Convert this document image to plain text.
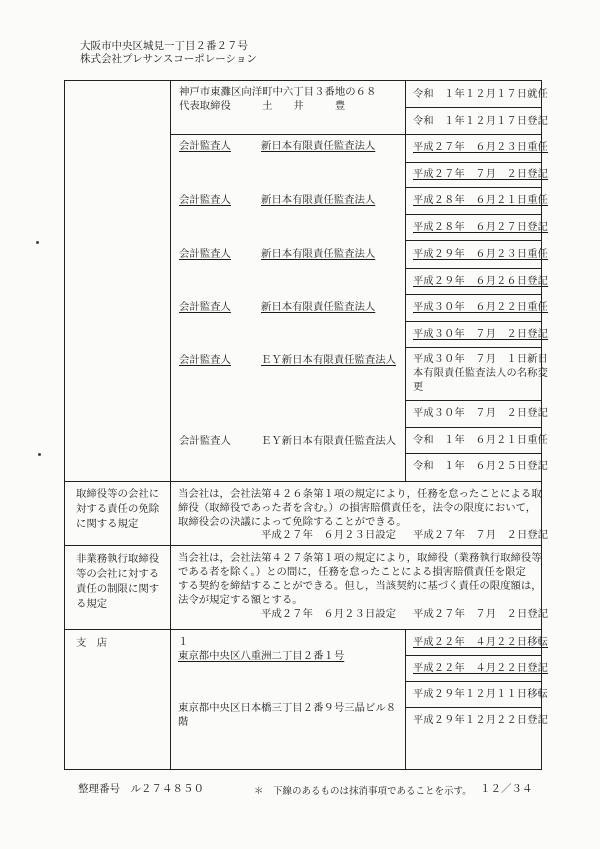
大阪市中央区城見一丁目２番２７号
株式会社プレサンスコーポレーション
神戸市東灘区向洋町中六丁目３番地の６８
代表取締役　　　土　　井　　　豊
令和　１年１２月１７日就任
令和　１年１２月１７日登記
会計監査人	新日本有限責任監査法人	平成２７年　６月２３日重任
平成２７年　７月　２日登記
会計監査人	新日本有限責任監査法人	平成２８年　６月２１日重任
平成２８年　６月２７日登記
会計監査人	新日本有限責任監査法人	平成２９年　６月２３日重任
平成２９年　６月２６日登記
会計監査人	新日本有限責任監査法人	平成３０年　６月２２日重任
平成３０年　７月　２日登記
会計監査人	ＥＹ新日本有限責任監査法人 平成３０年　７月　１日新日
本有限責任監査法人の名称変
更
平成３０年　７月　２日登記
会計監査人	ＥＹ新日本有限責任監査法人 令和　１年　６月２１日重任
令和　１年　６月２５日登記
取締役等の会社に
対する責任の免除
に関する規定
当会社は，会社法第４２６条第１項の規定により，任務を怠ったことによる取
締役（取締役であった者を含む。）の損害賠償責任を，法令の限度において，
取締役会の決議によって免除することができる。
平成２７年　６月２３日設定 平成２７年　７月　２日登記
非業務執行取締役
等の会社に対する
責任の制限に関す
る規定
当会社は，会社法第４２７条第１項の規定により，取締役（業務執行取締役等
である者を除く。）との間に，任務を怠ったことによる損害賠償責任を限定
する契約を締結することができる。但し，当該契約に基づく責任の限度額は，
法令が規定する額とする。
平成２７年　６月２３日設定 平成２７年　７月　２日登記
支　店	１
東京都中央区八重洲二丁目２番１号
平成２２年　４月２２日移転
平成２２年　４月２２日登記
東京都中央区日本橋三丁目２番９号三晶ビル８
階
平成２９年１２月１１日移転
平成２９年１２月２２日登記
整理番号　ル２７４８５０	＊　下線のあるものは抹消事項であることを示す。 １２／３４
